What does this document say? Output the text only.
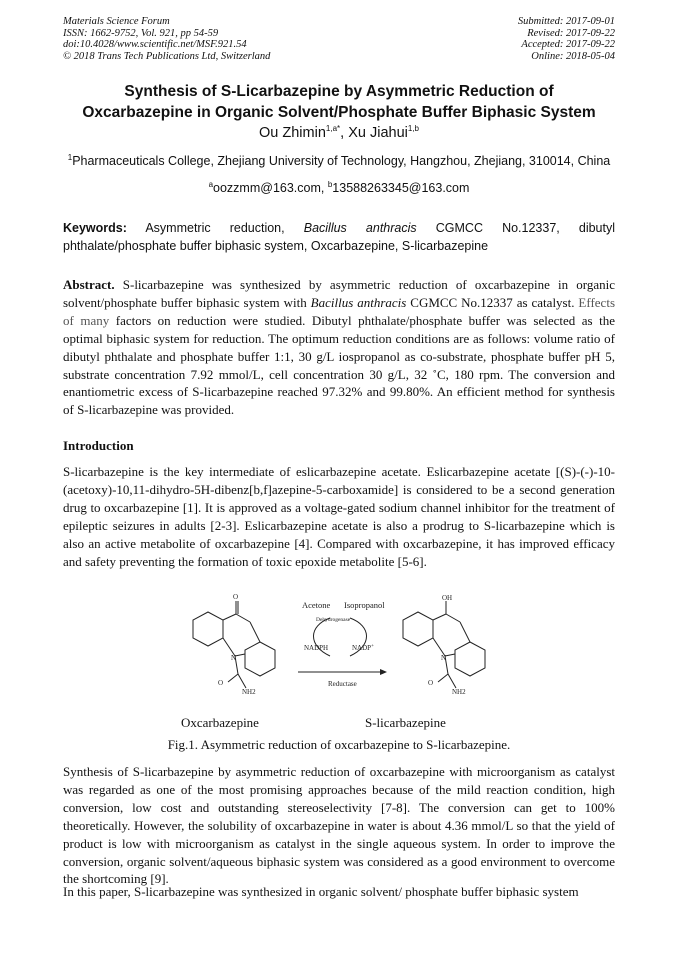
Materials Science Forum
ISSN: 1662-9752, Vol. 921, pp 54-59
doi:10.4028/www.scientific.net/MSF.921.54
© 2018 Trans Tech Publications Ltd, Switzerland
Submitted: 2017-09-01
Revised: 2017-09-22
Accepted: 2017-09-22
Online: 2018-05-04
Synthesis of S-Licarbazepine by Asymmetric Reduction of
Oxcarbazepine in Organic Solvent/Phosphate Buffer Biphasic System
Ou Zhimin$^{1,a*}$, Xu Jiahui$^{1,b}$
$^1$Pharmaceuticals College, Zhejiang University of Technology, Hangzhou, Zhejiang, 310014, China
$^a$oozzmm@163.com, $^b$13588263345@163.com
Keywords: Asymmetric reduction, Bacillus anthracis CGMCC No.12337, dibutyl phthalate/phosphate buffer biphasic system, Oxcarbazepine, S-licarbazepine
Abstract. S-licarbazepine was synthesized by asymmetric reduction of oxcarbazepine in organic solvent/phosphate buffer biphasic system with Bacillus anthracis CGMCC No.12337 as catalyst. Effects of many factors on reduction were studied. Dibutyl phthalate/phosphate buffer was selected as the optimal biphasic system for reduction. The optimum reduction conditions are as follows: volume ratio of dibutyl phthalate and phosphate buffer 1:1, 30 g/L iospropanol as co-substrate, phosphate buffer pH 5, substrate concentration 7.92 mmol/L, cell concentration 30 g/L, 32 ˚C, 180 rpm. The conversion and enantiometric excess of S-licarbazepine reached 97.32% and 99.80%. An efficient method for synthesis of S-licarbazepine was provided.
Introduction
S-licarbazepine is the key intermediate of eslicarbazepine acetate. Eslicarbazepine acetate [(S)-(-)-10-(acetoxy)-10,11-dihydro-5H-dibenz[b,f]azepine-5-carboxamide] is considered to be a second generation drug to oxcarbazepine [1]. It is approved as a voltage-gated sodium channel inhibitor for the treatment of epileptic seizures in adults [2-3]. Eslicarbazepine acetate is also a prodrug to S-licarbazepine which is also an active metabolite of oxcarbazepine [4]. Compared with oxcarbazepine, it has improved efficacy and safety preventing the formation of toxic epoxide metabolite [5-6].
O	OH
N	N
O	O
NH2	NH2
NADPH	NADP+
Reductase
Dehydrogenase
Acetone Isopropanol
Oxcarbazepine	S-licarbazepine
Fig.1. Asymmetric reduction of oxcarbazepine to S-licarbazepine.
Synthesis of S-licarbazepine by asymmetric reduction of oxcarbazepine with microorganism as catalyst was regarded as one of the most promising approaches because of the mild reaction condition, high conversion, low cost and outstanding stereoselectivity [7-8]. The conversion can get to 100% theoretically. However, the solubility of oxcarbazepine in water is about 4.36 mmol/L so that the yield of product is low with microorganism as catalyst in the single aqueous system. In order to improve the conversion, organic solvent/aqueous biphasic system was considered as a good environment to overcome the shortcoming [9].
In this paper, S-licarbazepine was synthesized in organic solvent/ phosphate buffer biphasic system
